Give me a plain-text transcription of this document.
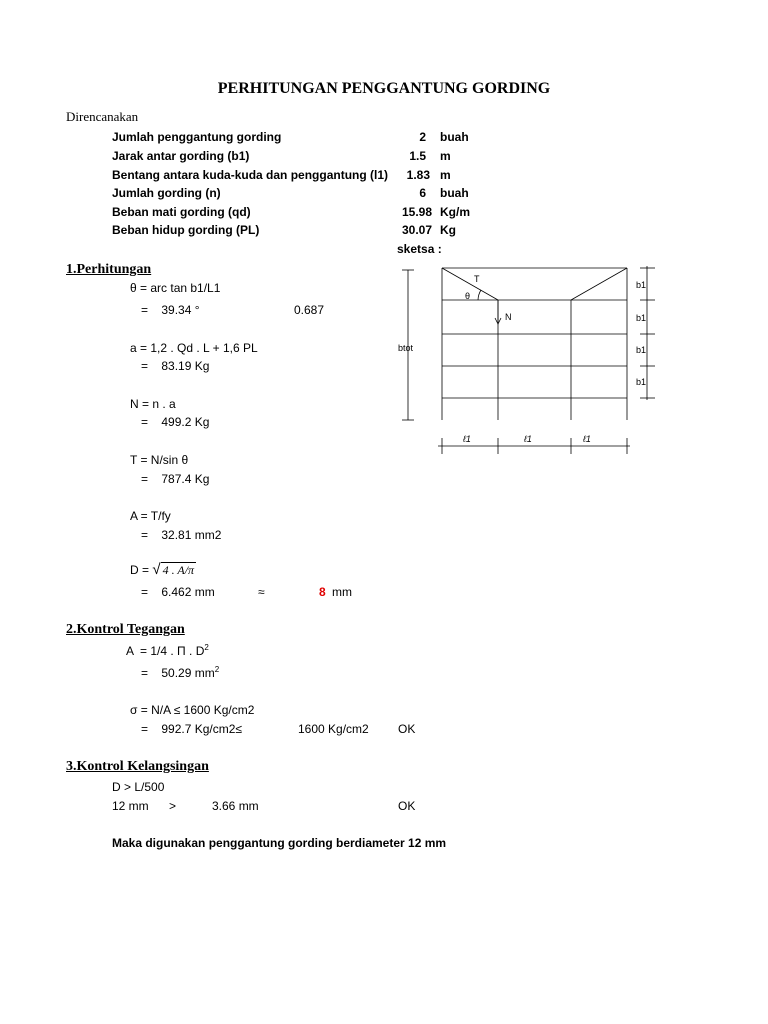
PERHITUNGAN PENGGANTUNG GORDING
Direncanakan
Jumlah penggantung gording	2 buah
Jarak antar gording (b1)	1.5 m
Bentang antara kuda-kuda dan penggantung (l1)	1.83 m
Jumlah gording (n)	6 buah
Beban mati gording (qd)	15.98 Kg/m
Beban hidup gording (PL)	30.07 Kg
sketsa :
1.Perhitungan
θ = arc tan b1/L1
=    39.34 °	0.687
a = 1,2 . Qd . L + 1,6 PL
=    83.19 Kg
N = n . a
=    499.2 Kg
T = N/sin θ
=    787.4 Kg
A = T/fy
=    32.81 mm2
D = √ 4 . A/π
=    6.462 mm	≈	8 mm
2.Kontrol Tegangan
A  = 1/4 . Π . $D^2$
=    50.29 $mm^2$
σ = N/A ≤ 1600 Kg/cm2
=    992.7 Kg/cm2≤	1600 Kg/cm2 OK
3.Kontrol Kelangsingan
D > L/500
12 mm >	3.66 mm	OK
Maka digunakan penggantung gording berdiameter 12 mm
T
θ
N
btot
b1
b1
b1
b1
ℓ1	ℓ1	ℓ1
